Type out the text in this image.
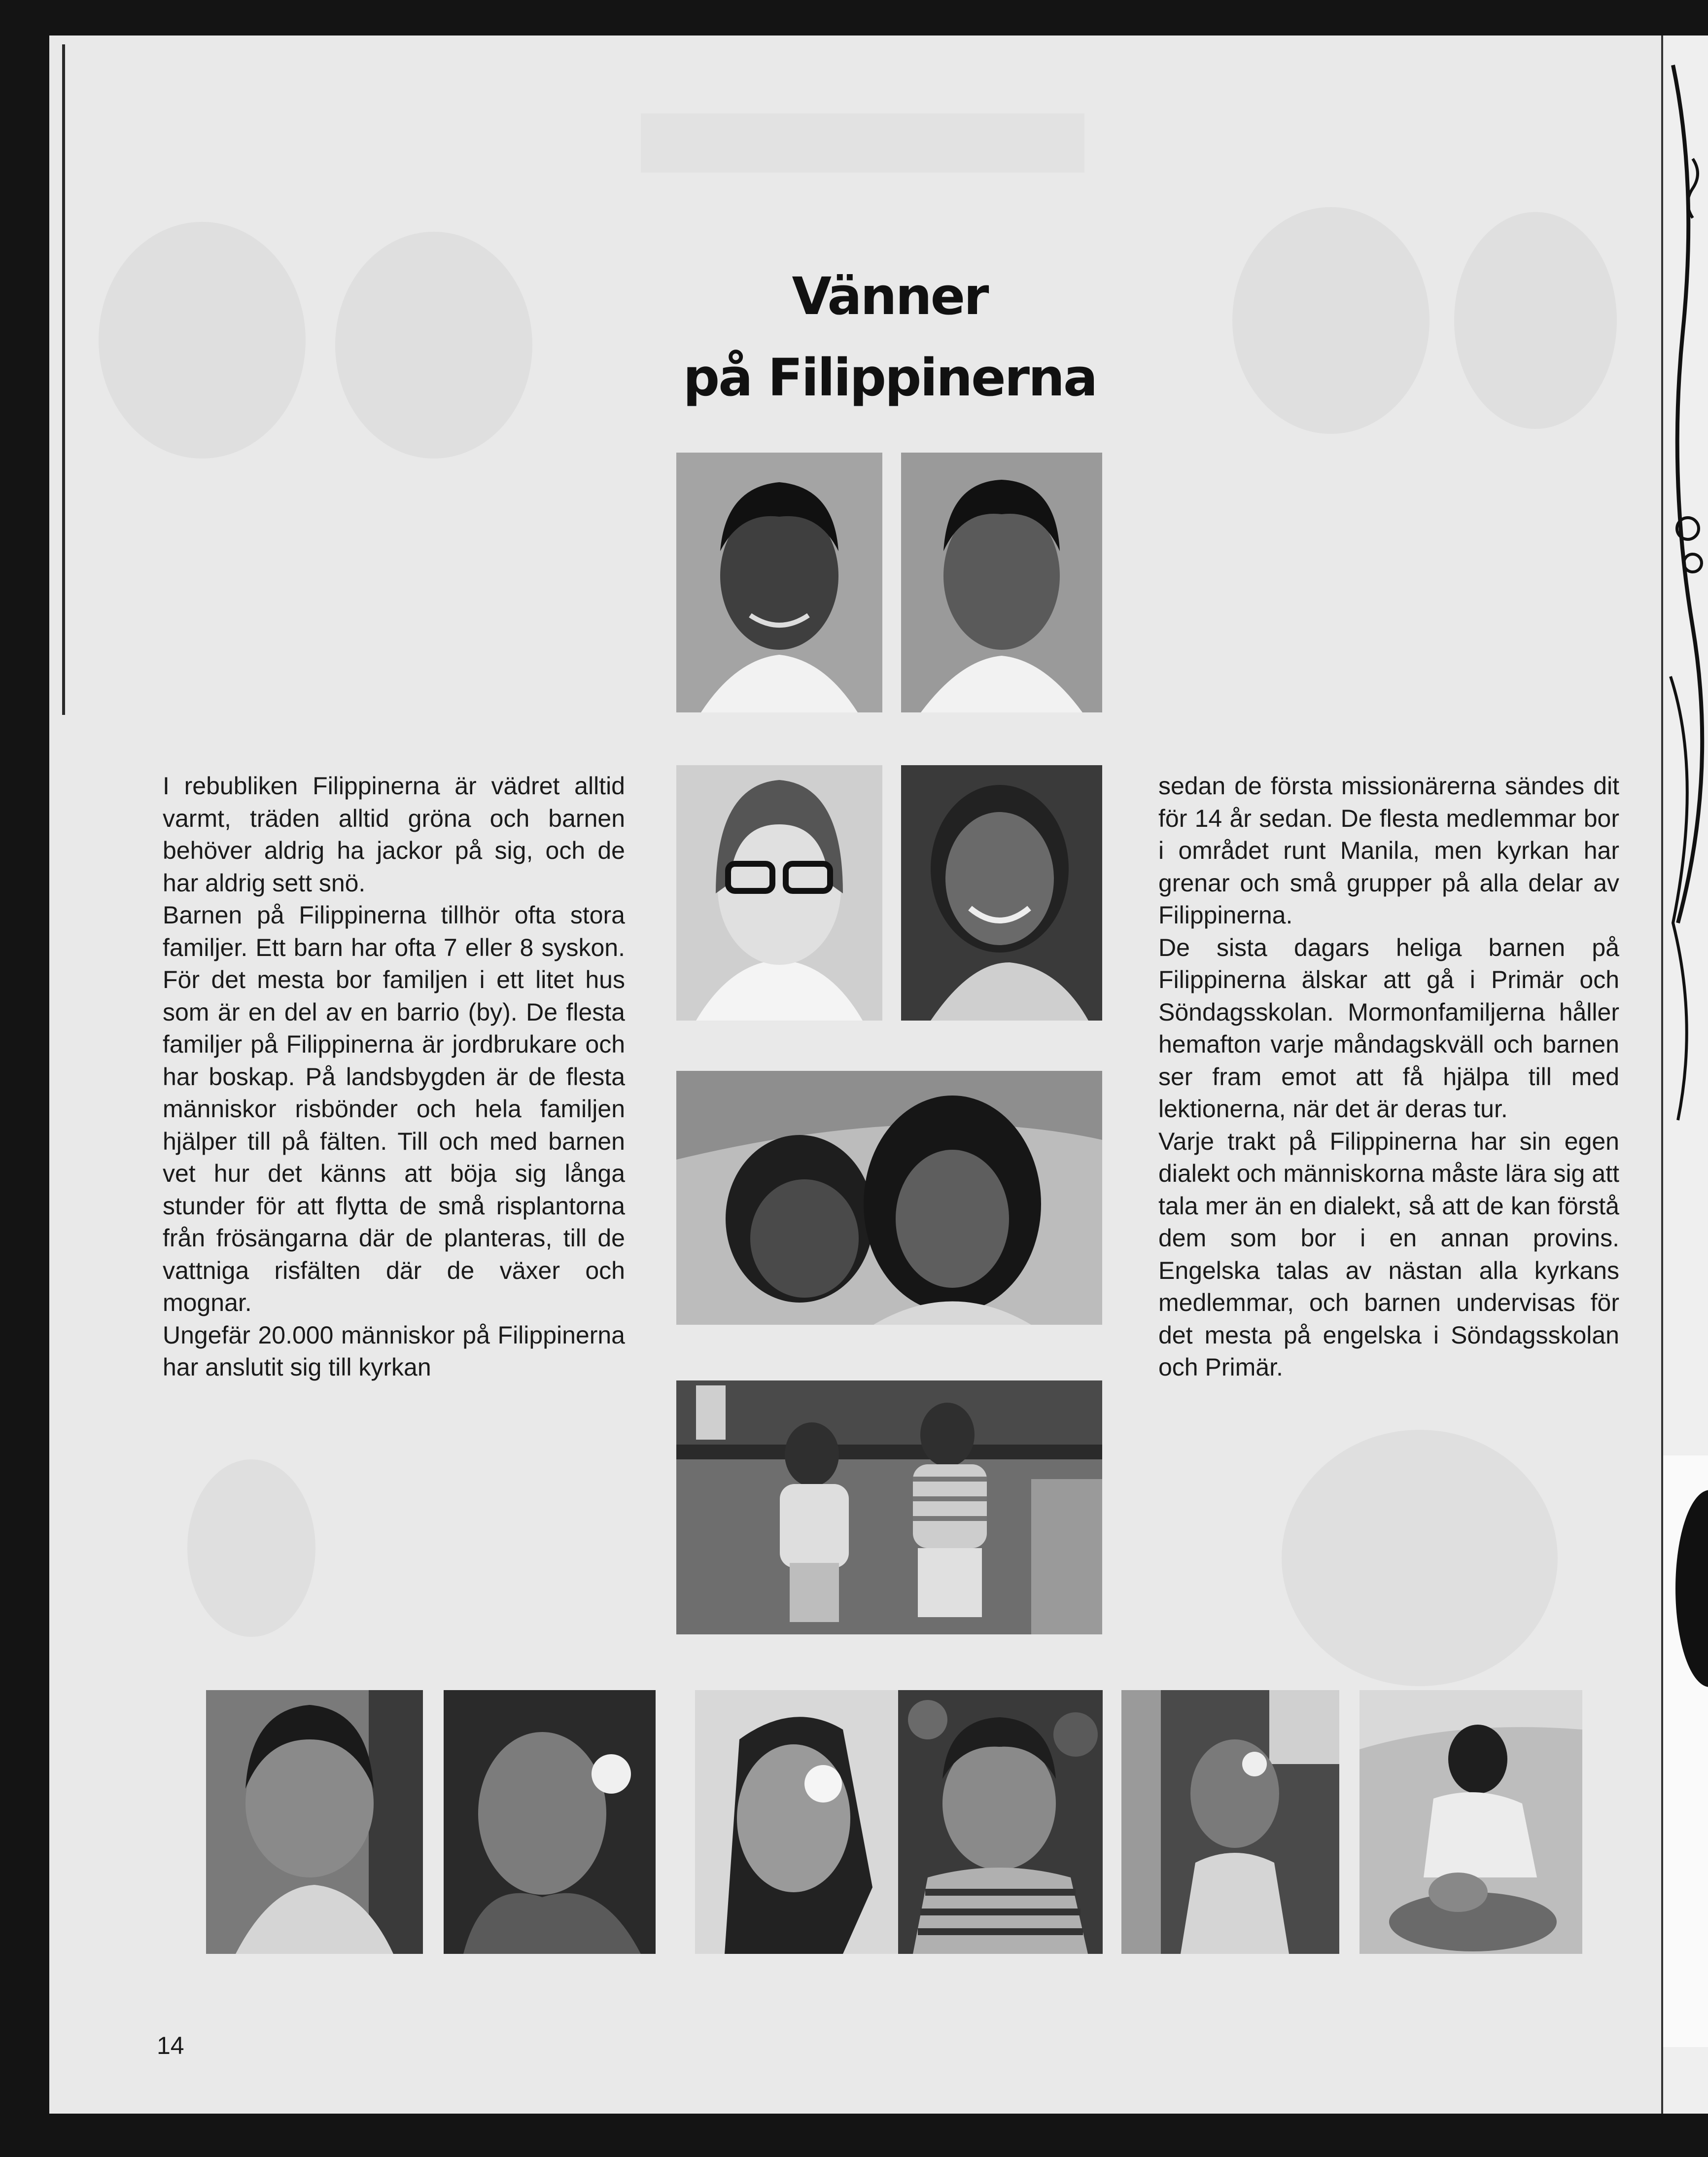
Vänner
på Filippinerna

I rebubliken Filippinerna är vädret alltid varmt, träden alltid gröna och barnen behöver aldrig ha jackor på sig, och de har aldrig sett snö.

Barnen på Filippinerna tillhör ofta stora familjer. Ett barn har ofta 7 eller 8 syskon. För det mesta bor familjen i ett litet hus som är en del av en barrio (by). De flesta familjer på Filippinerna är jordbrukare och har boskap. På landsbygden är de flesta människor risbönder och hela familjen hjälper till på fälten. Till och med barnen vet hur det känns att böja sig långa stunder för att flytta de små risplantorna från frösängarna där de planteras, till de vattniga risfälten där de växer och mognar.

Ungefär 20.000 människor på Filippinerna har anslutit sig till kyrkan

sedan de första missionärerna sändes dit för 14 år sedan. De flesta medlemmar bor i området runt Manila, men kyrkan har grenar och små grupper på alla delar av Filippinerna.

De sista dagars heliga barnen på Filippinerna älskar att gå i Primär och Söndagsskolan. Mormonfamiljerna håller hemafton varje måndagskväll och barnen ser fram emot att få hjälpa till med lektionerna, när det är deras tur.

Varje trakt på Filippinerna har sin egen dialekt och människorna måste lära sig att tala mer än en dialekt, så att de kan förstå dem som bor i en annan provins. Engelska talas av nästan alla kyrkans medlemmar, och barnen undervisas för det mesta på engelska i Söndagsskolan och Primär.

14
